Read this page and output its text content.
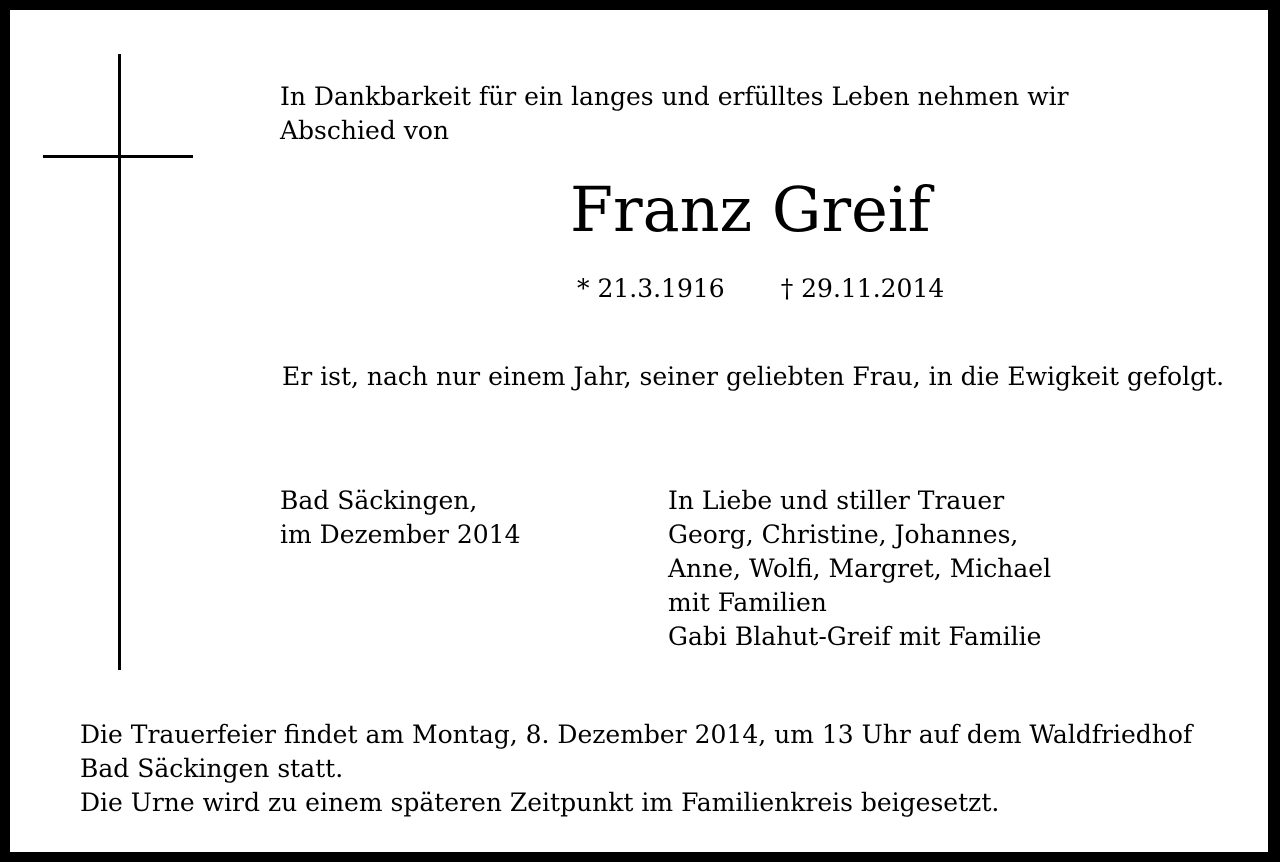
In Dankbarkeit für ein langes und erfülltes Leben nehmen wir
Abschied von
Franz Greif
* 21.3.1916 † 29.11.2014
Er ist, nach nur einem Jahr, seiner geliebten Frau, in die Ewigkeit gefolgt.
Bad Säckingen,
im Dezember 2014
In Liebe und stiller Trauer
Georg, Christine, Johannes,
Anne, Wolfi, Margret, Michael
mit Familien
Gabi Blahut-Greif mit Familie
Die Trauerfeier findet am Montag, 8. Dezember 2014, um 13 Uhr auf dem Waldfriedhof
Bad Säckingen statt.
Die Urne wird zu einem späteren Zeitpunkt im Familienkreis beigesetzt.
